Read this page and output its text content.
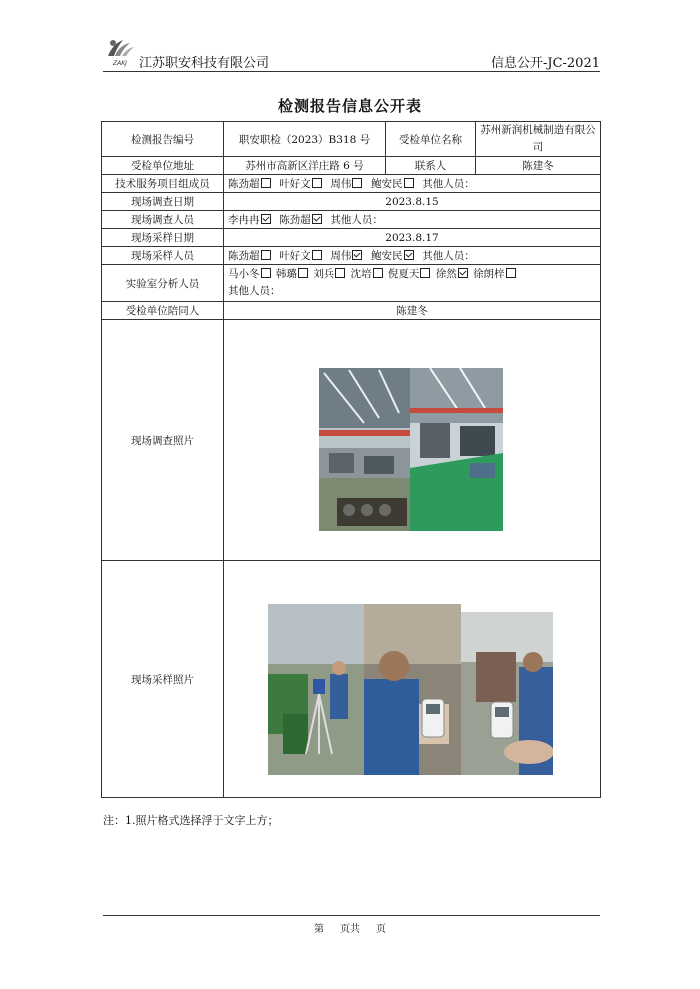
ZAKJ 江苏职安科技有限公司	信息公开-JC-2021
检测报告信息公开表
检测报告编号	职安职检（2023）B318 号	受检单位名称	苏州新润机械制造有限公司
受检单位地址	苏州市高新区洋庄路 6 号	联系人	陈建冬
技术服务项目组成员	陈劲超 叶好文 周伟 鲍安民 其他人员：		
现场调查日期	2023.8.15		
现场调查人员	李冉冉 陈劲超 其他人员：		
现场采样日期	2023.8.17		
现场采样人员	陈劲超 叶好文 周伟 鲍安民 其他人员：		
实验室分析人员	马小冬 韩璐 刘兵 沈培 倪夏天 徐然 徐朗梓
其他人员：		
受检单位陪同人	陈建冬		
现场调查照片			
现场采样照片			
注：1.照片格式选择浮于文字上方；
第 页共 页
